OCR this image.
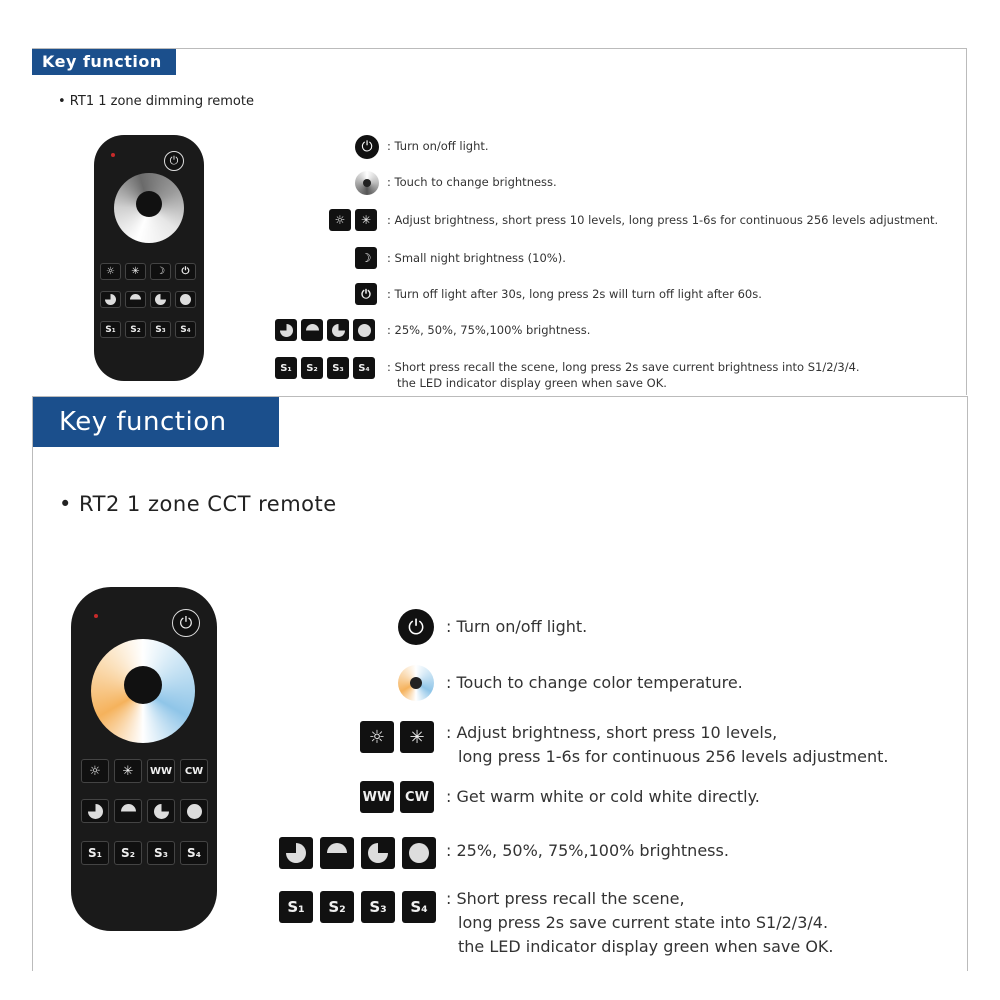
Key function
• RT1 1 zone dimming remote
⏻
☼	✳	☽	⏻
S₁	S₂	S₃	S₄
⏻	: Turn on/off light.
: Touch to change brightness.
☼	✳	: Adjust brightness, short press 10 levels, long press 1-6s for continuous 256 levels adjustment.
☽	: Small night brightness (10%).
⏻	: Turn off light after 30s, long press 2s will turn off light after 60s.
: 25%, 50%, 75%,100% brightness.
S₁	S₂	S₃	S₄	: Short press recall the scene, long press 2s save current brightness into S1/2/3/4.
the LED indicator display green when save OK.
Key function
• RT2 1 zone CCT remote
⏻
☼	✳	WW	CW
S₁	S₂	S₃	S₄
⏻	: Turn on/off light.
: Touch to change color temperature.
☼	✳	: Adjust brightness, short press 10 levels,
long press 1-6s for continuous 256 levels adjustment.
WW	CW	: Get warm white or cold white directly.
: 25%, 50%, 75%,100% brightness.
S₁	S₂	S₃	S₄	: Short press recall the scene,
long press 2s save current state into S1/2/3/4.
the LED indicator display green when save OK.
